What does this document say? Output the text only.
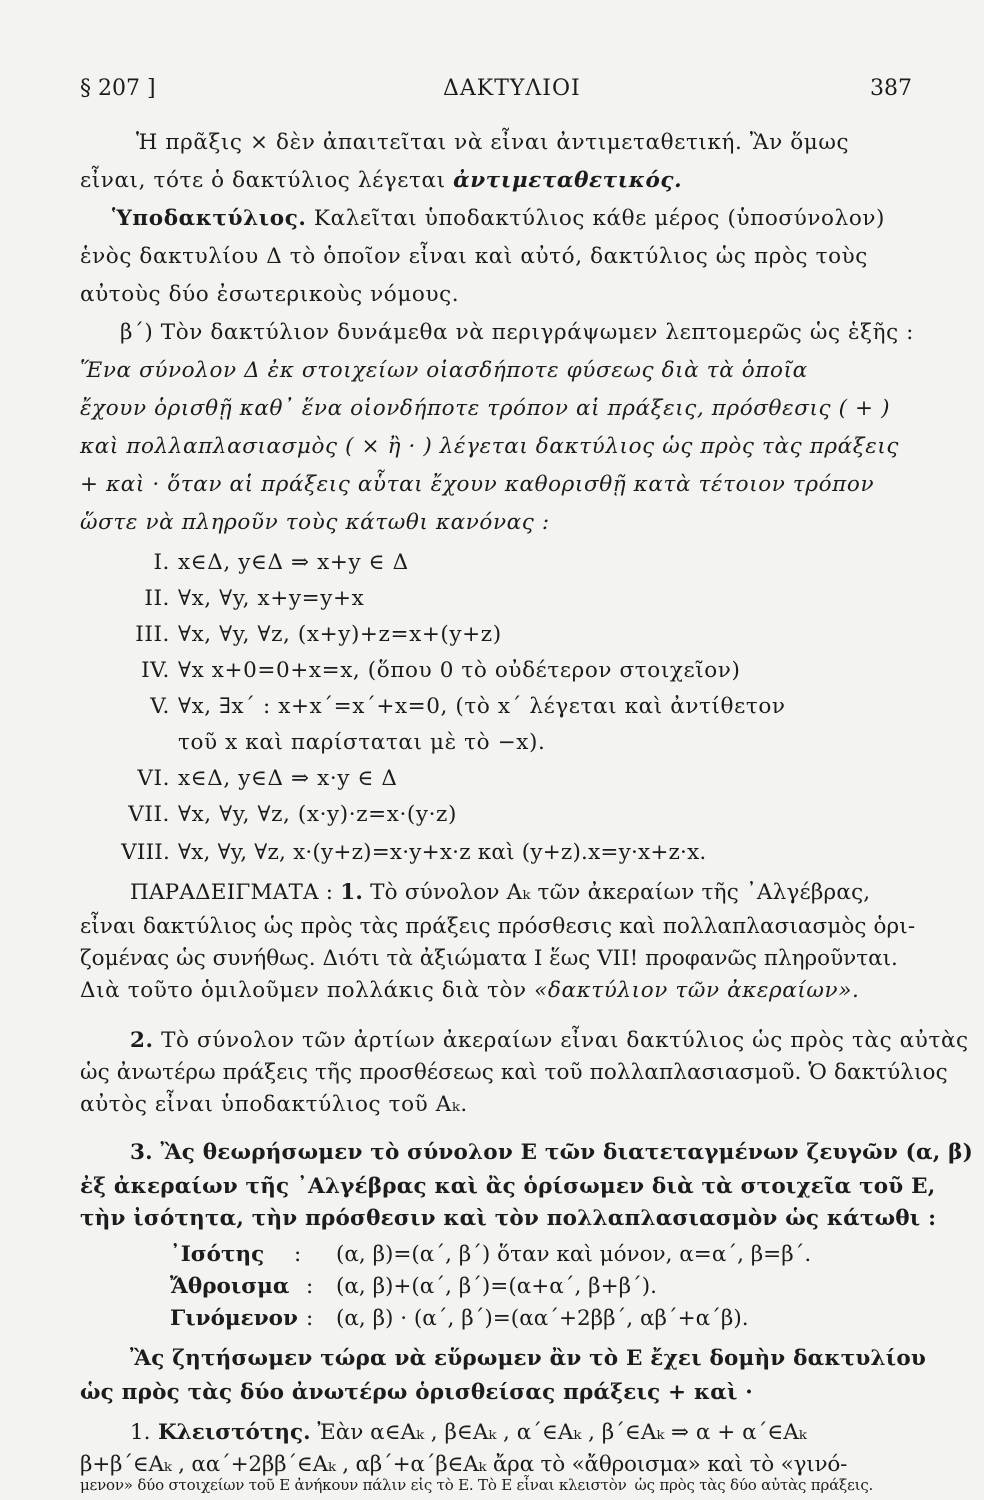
§ 207 ]	ΔΑΚΤΥΛΙΟΙ	387
Ἡ πρᾶξις × δὲν ἀπαιτεῖται νὰ εἶναι ἀντιμεταθετική. Ἂν ὅμως
εἶναι, τότε ὁ δακτύλιος λέγεται ἀντιμεταθετικός.
Ὑποδακτύλιος. Καλεῖται ὑποδακτύλιος κάθε μέρος (ὑποσύνολον)
ἑνὸς δακτυλίου Δ τὸ ὁποῖον εἶναι καὶ αὐτό, δακτύλιος ὡς πρὸς τοὺς
αὐτοὺς δύο ἐσωτερικοὺς νόμους.
β΄) Τὸν δακτύλιον δυνάμεθα νὰ περιγράψωμεν λεπτομερῶς ὡς ἑξῆς :
Ἕνα σύνολον Δ ἐκ στοιχείων οἱασδήποτε φύσεως διὰ τὰ ὁποῖα
ἔχουν ὁρισθῇ καθ᾽ ἕνα οἱονδήποτε τρόπον αἱ πράξεις, πρόσθεσις ( + )
καὶ πολλαπλασιασμὸς ( × ἢ · ) λέγεται δακτύλιος ὡς πρὸς τὰς πράξεις
+ καὶ · ὅταν αἱ πράξεις αὗται ἔχουν καθορισθῇ κατὰ τέτοιον τρόπον
ὥστε νὰ πληροῦν τοὺς κάτωθι κανόνας :
I. x∈Δ, y∈Δ ⇒ x+y ∈ Δ
II. ∀x, ∀y, x+y=y+x
III. ∀x, ∀y, ∀z, (x+y)+z=x+(y+z)
IV. ∀x x+0=0+x=x, (ὅπου 0 τὸ οὐδέτερον στοιχεῖον)
V. ∀x, ∃x΄ : x+x΄=x΄+x=0, (τὸ x΄ λέγεται καὶ ἀντίθετον
τοῦ x καὶ παρίσταται μὲ τὸ −x).
VI. x∈Δ, y∈Δ ⇒ x·y ∈ Δ
VII. ∀x, ∀y, ∀z, (x·y)·z=x·(y·z)
VIII. ∀x, ∀y, ∀z, x·(y+z)=x·y+x·z καὶ (y+z).x=y·x+z·x.
ΠΑΡΑΔΕΙΓΜΑΤΑ : 1. Τὸ σύνολον Aₖ τῶν ἀκεραίων τῆς ᾽Αλγέβρας,
εἶναι δακτύλιος ὡς πρὸς τὰς πράξεις πρόσθεσις καὶ πολλαπλασιασμὸς ὁρι-
ζομένας ὡς συνήθως. Διότι τὰ ἀξιώματα I ἕως VII! προφανῶς πληροῦνται.
Διὰ τοῦτο ὁμιλοῦμεν πολλάκις διὰ τὸν «δακτύλιον τῶν ἀκεραίων».
2. Τὸ σύνολον τῶν ἀρτίων ἀκεραίων εἶναι δακτύλιος ὡς πρὸς τὰς αὐτὰς
ὡς ἀνωτέρω πράξεις τῆς προσθέσεως καὶ τοῦ πολλαπλασιασμοῦ. Ὁ δακτύλιος
αὐτὸς εἶναι ὑποδακτύλιος τοῦ Aₖ.
3. Ἂς θεωρήσωμεν τὸ σύνολον E τῶν διατεταγμένων ζευγῶν (α, β)
ἐξ ἀκεραίων τῆς ᾽Αλγέβρας καὶ ἂς ὁρίσωμεν διὰ τὰ στοιχεῖα τοῦ E,
τὴν ἰσότητα, τὴν πρόσθεσιν καὶ τὸν πολλαπλασιασμὸν ὡς κάτωθι :
᾽Ισότης : (α, β)=(α΄, β΄) ὅταν καὶ μόνον, α=α΄, β=β΄.
Ἄθροισμα : (α, β)+(α΄, β΄)=(α+α΄, β+β΄).
Γινόμενον : (α, β) · (α΄, β΄)=(αα΄+2ββ΄, αβ΄+α΄β).
Ἂς ζητήσωμεν τώρα νὰ εὕρωμεν ἂν τὸ E ἔχει δομὴν δακτυλίου
ὡς πρὸς τὰς δύο ἀνωτέρω ὁρισθείσας πράξεις + καὶ ·
1. Κλειστότης. Ἐὰν α∈Aₖ , β∈Aₖ , α΄∈Aₖ , β΄∈Aₖ ⇒ α + α΄∈Aₖ
β+β΄∈Aₖ , αα΄+2ββ΄∈Aₖ , αβ΄+α΄β∈Aₖ ἄρα τὸ «ἄθροισμα» καὶ τὸ «γινό-
μενον» δύο στοιχείων τοῦ E ἀνήκουν πάλιν εἰς τὸ E. Τὸ E εἶναι κλειστὸν ὡς πρὸς τὰς δύο αὐτὰς πράξεις.
